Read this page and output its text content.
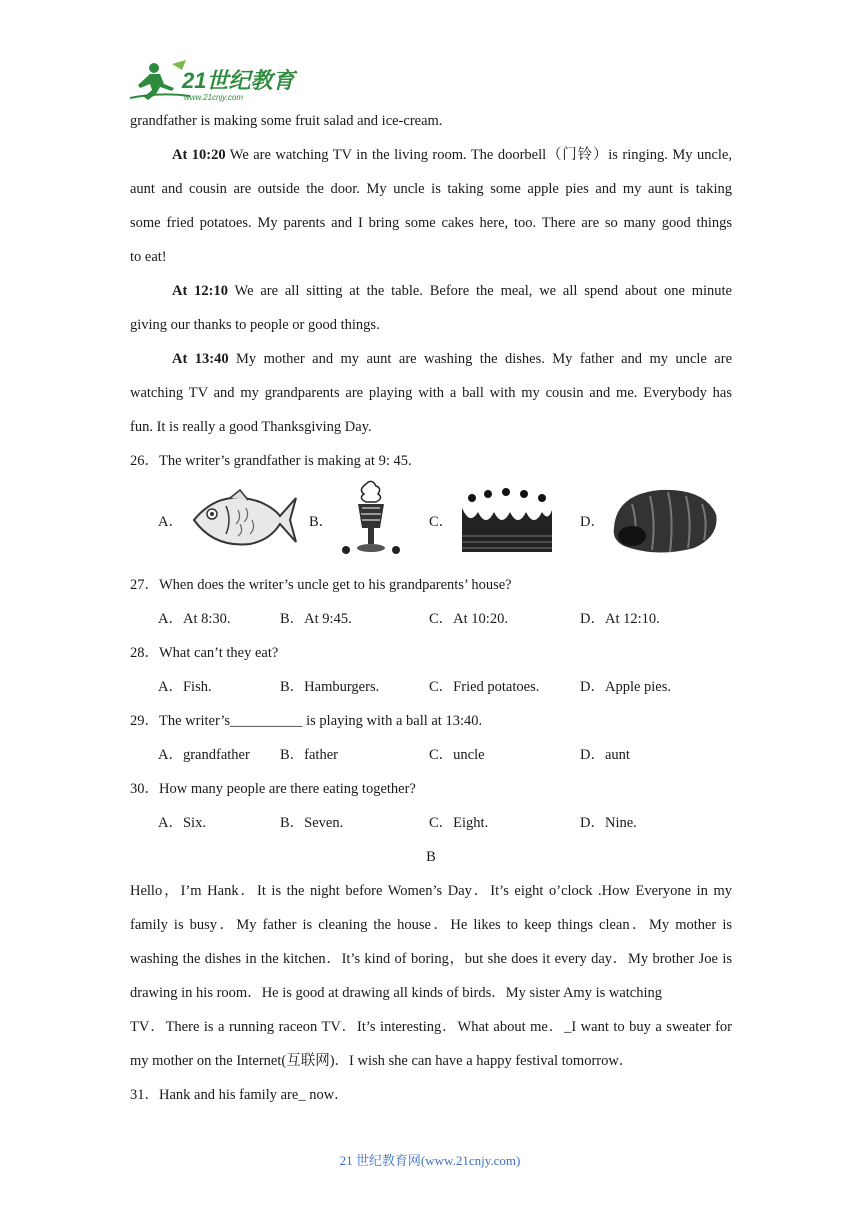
21世纪教育
www.21cnjy.com
grandfather is making some fruit salad and ice-cream.
At 10:20 We are watching TV in the living room. The doorbell（门铃）is ringing. My uncle,
aunt and cousin are outside the door. My uncle is taking some apple pies and my aunt is taking
some fried potatoes. My parents and I bring some cakes here, too. There are so many good things
to eat!
At 12:10 We are all sitting at the table. Before the meal, we all spend about one minute
giving our thanks to people or good things.
At 13:40 My mother and my aunt are washing the dishes. My father and my uncle are
watching TV and my grandparents are playing with a ball with my cousin and me. Everybody has
fun. It is really a good Thanksgiving Day.
26．The writer’s grandfather is making at 9: 45.
A．	B．	C．	D．
27．When does the writer’s uncle get to his grandparents’ house?
A．At 8:30.	B．At 9:45.	C．At 10:20.	D．At 12:10.
28．What can’t they eat?
A．Fish.	B．Hamburgers.	C．Fried potatoes.	D．Apple pies.
29．The writer’s__________ is playing with a ball at 13:40.
A．grandfather B．father	C．uncle	D．aunt
30．How many people are there eating together?
A．Six.	B．Seven.	C．Eight.	D．Nine.
B
Hello，I’m Hank．It is the night before Women’s Day．It’s eight o’clock .How Everyone in my
family is busy．My father is cleaning the house．He likes to keep things clean．My mother is
washing the dishes in the kitchen．It’s kind of boring，but she does it every day．My brother Joe is
drawing in his room．He is good at drawing all kinds of birds．My sister Amy is watching
TV．There is a running raceon TV．It’s interesting．What about me．_I want to buy a sweater for
my mother on the Internet(互联网)．I wish she can have a happy festival tomorrow．
31．Hank and his family are_ now．
21 世纪教育网(www.21cnjy.com)
